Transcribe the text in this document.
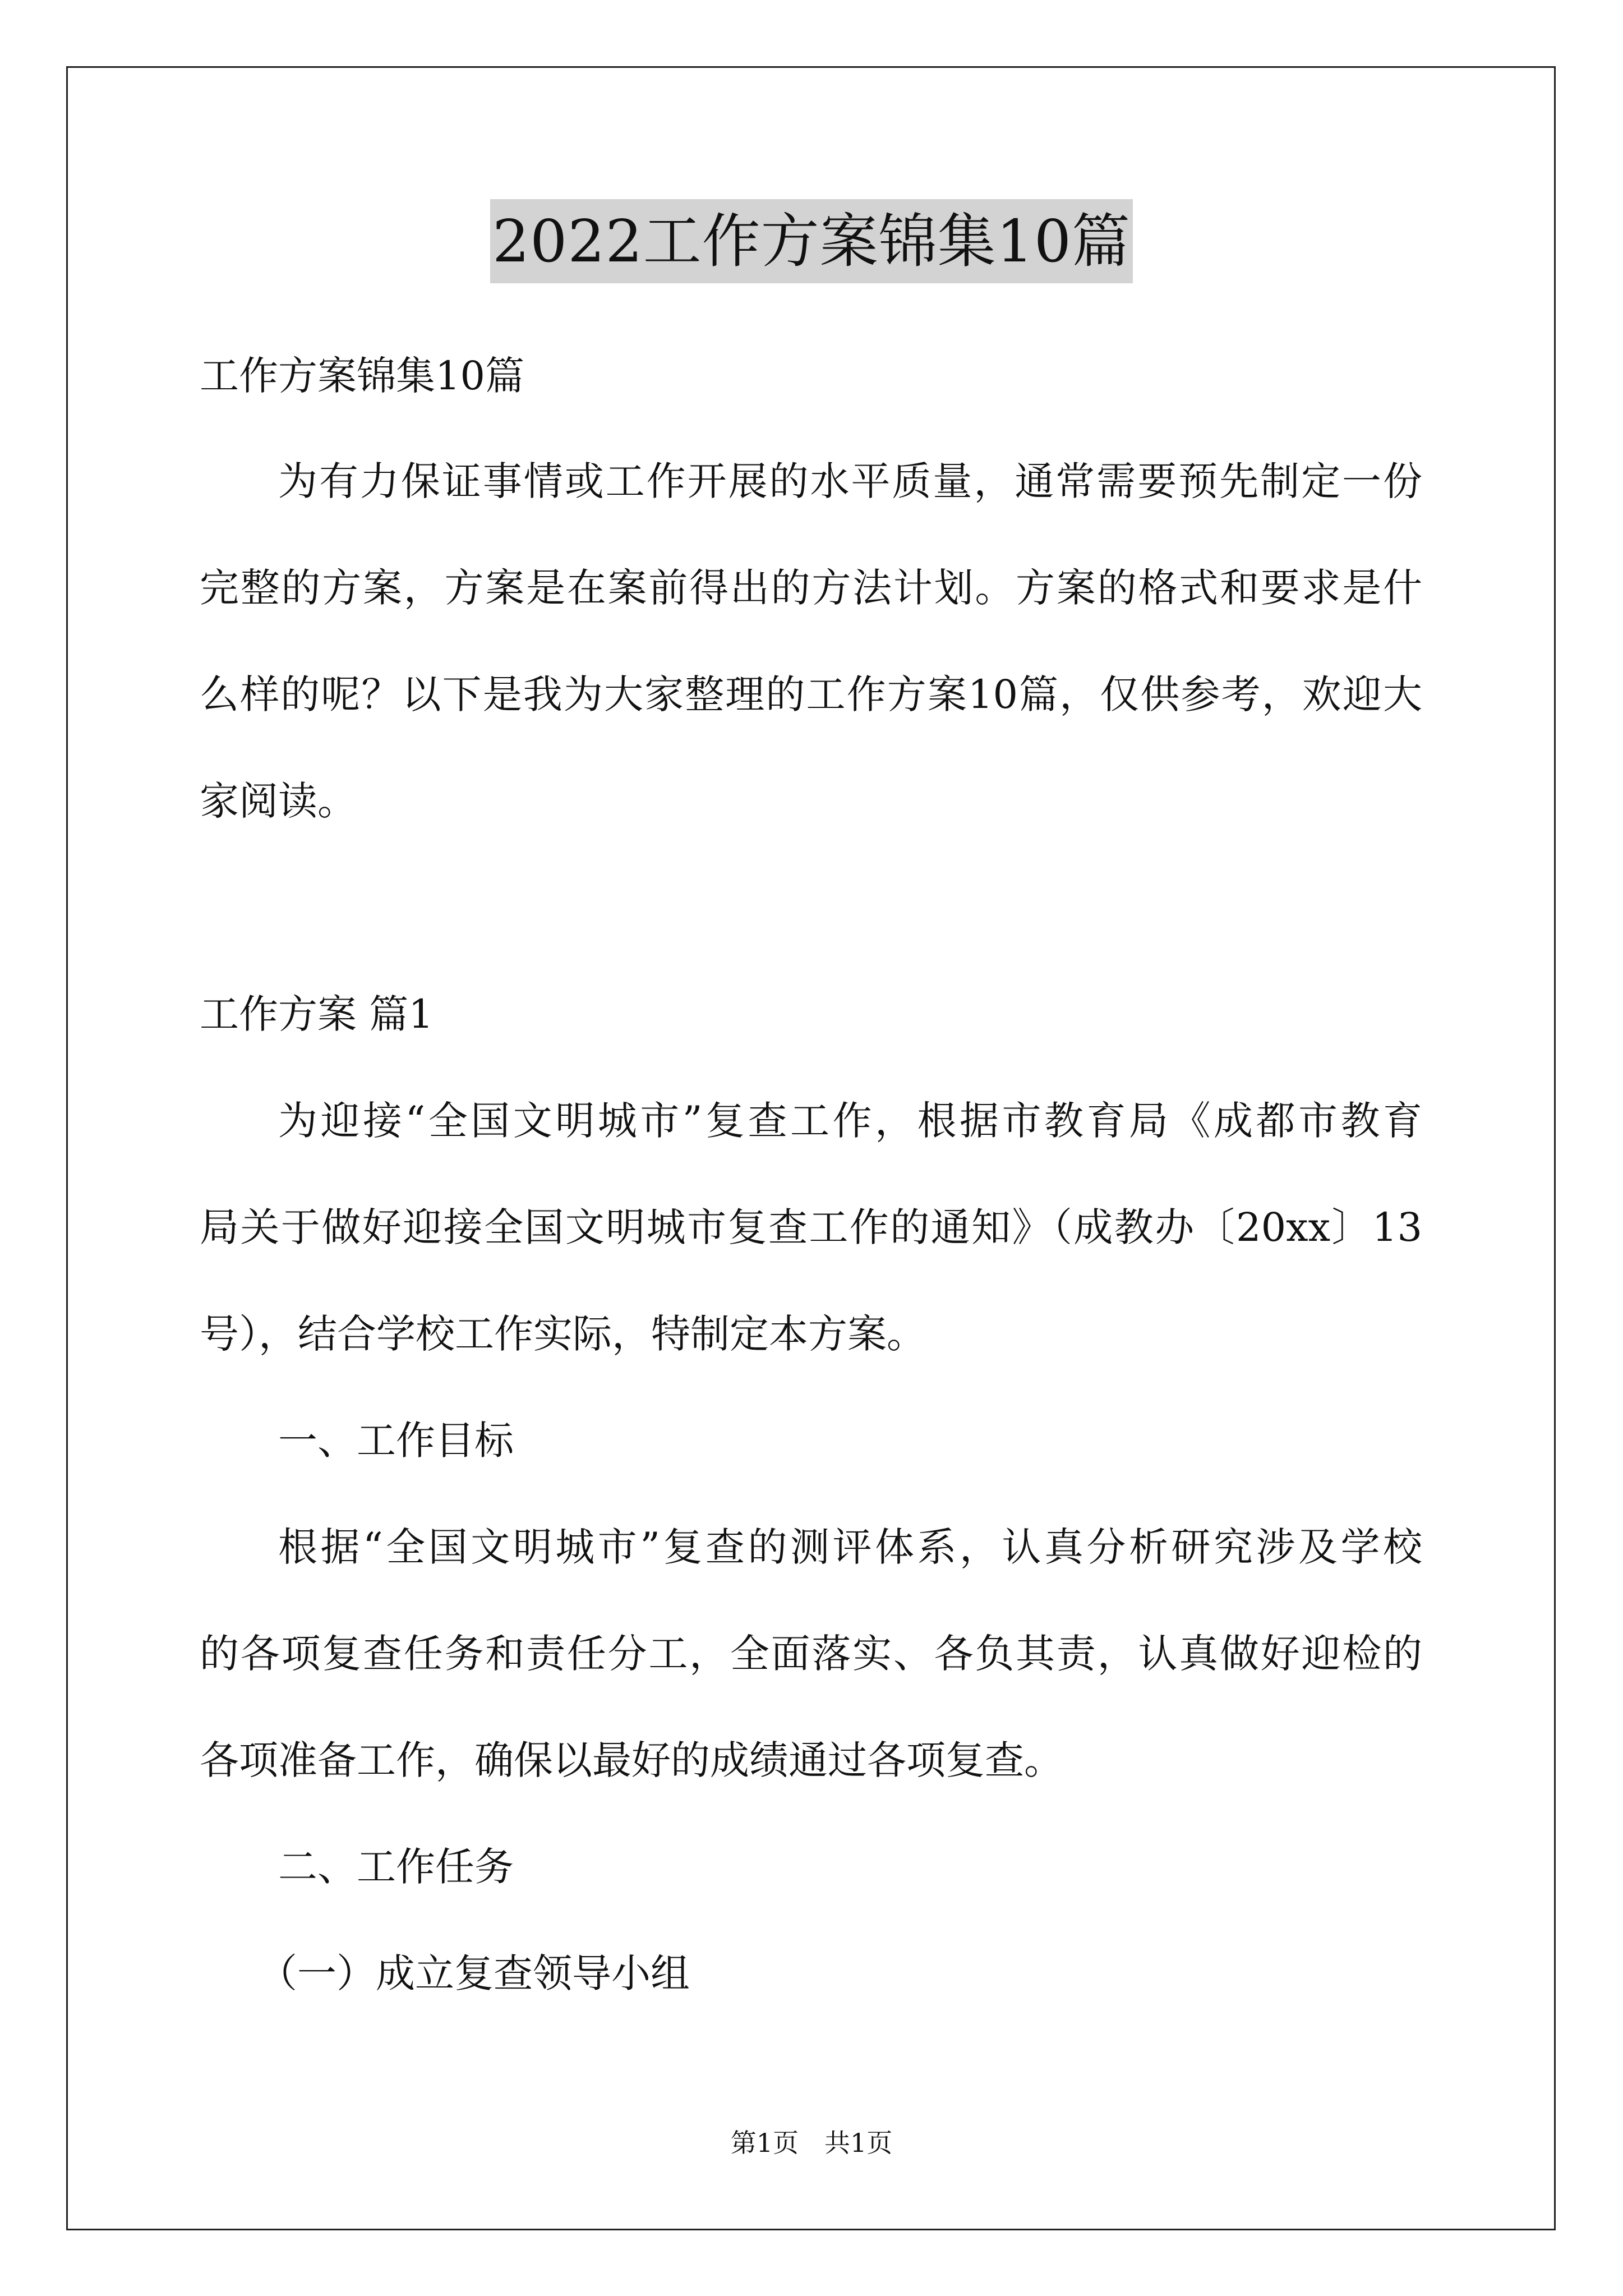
2022工作方案锦集10篇
工作方案锦集10篇
为有力保证事情或工作开展的水平质量，通常需要预先制定一份
完整的方案，方案是在案前得出的方法计划。方案的格式和要求是什
么样的呢？以下是我为大家整理的工作方案10篇，仅供参考，欢迎大
家阅读。
工作方案 篇1
为迎接“全国文明城市”复查工作，根据市教育局《成都市教育
局关于做好迎接全国文明城市复查工作的通知》（成教办〔20xx〕13
号），结合学校工作实际，特制定本方案。
一、工作目标
根据“全国文明城市”复查的测评体系，认真分析研究涉及学校
的各项复查任务和责任分工，全面落实、各负其责，认真做好迎检的
各项准备工作，确保以最好的成绩通过各项复查。
二、工作任务
（一）成立复查领导小组
第1页　共1页
